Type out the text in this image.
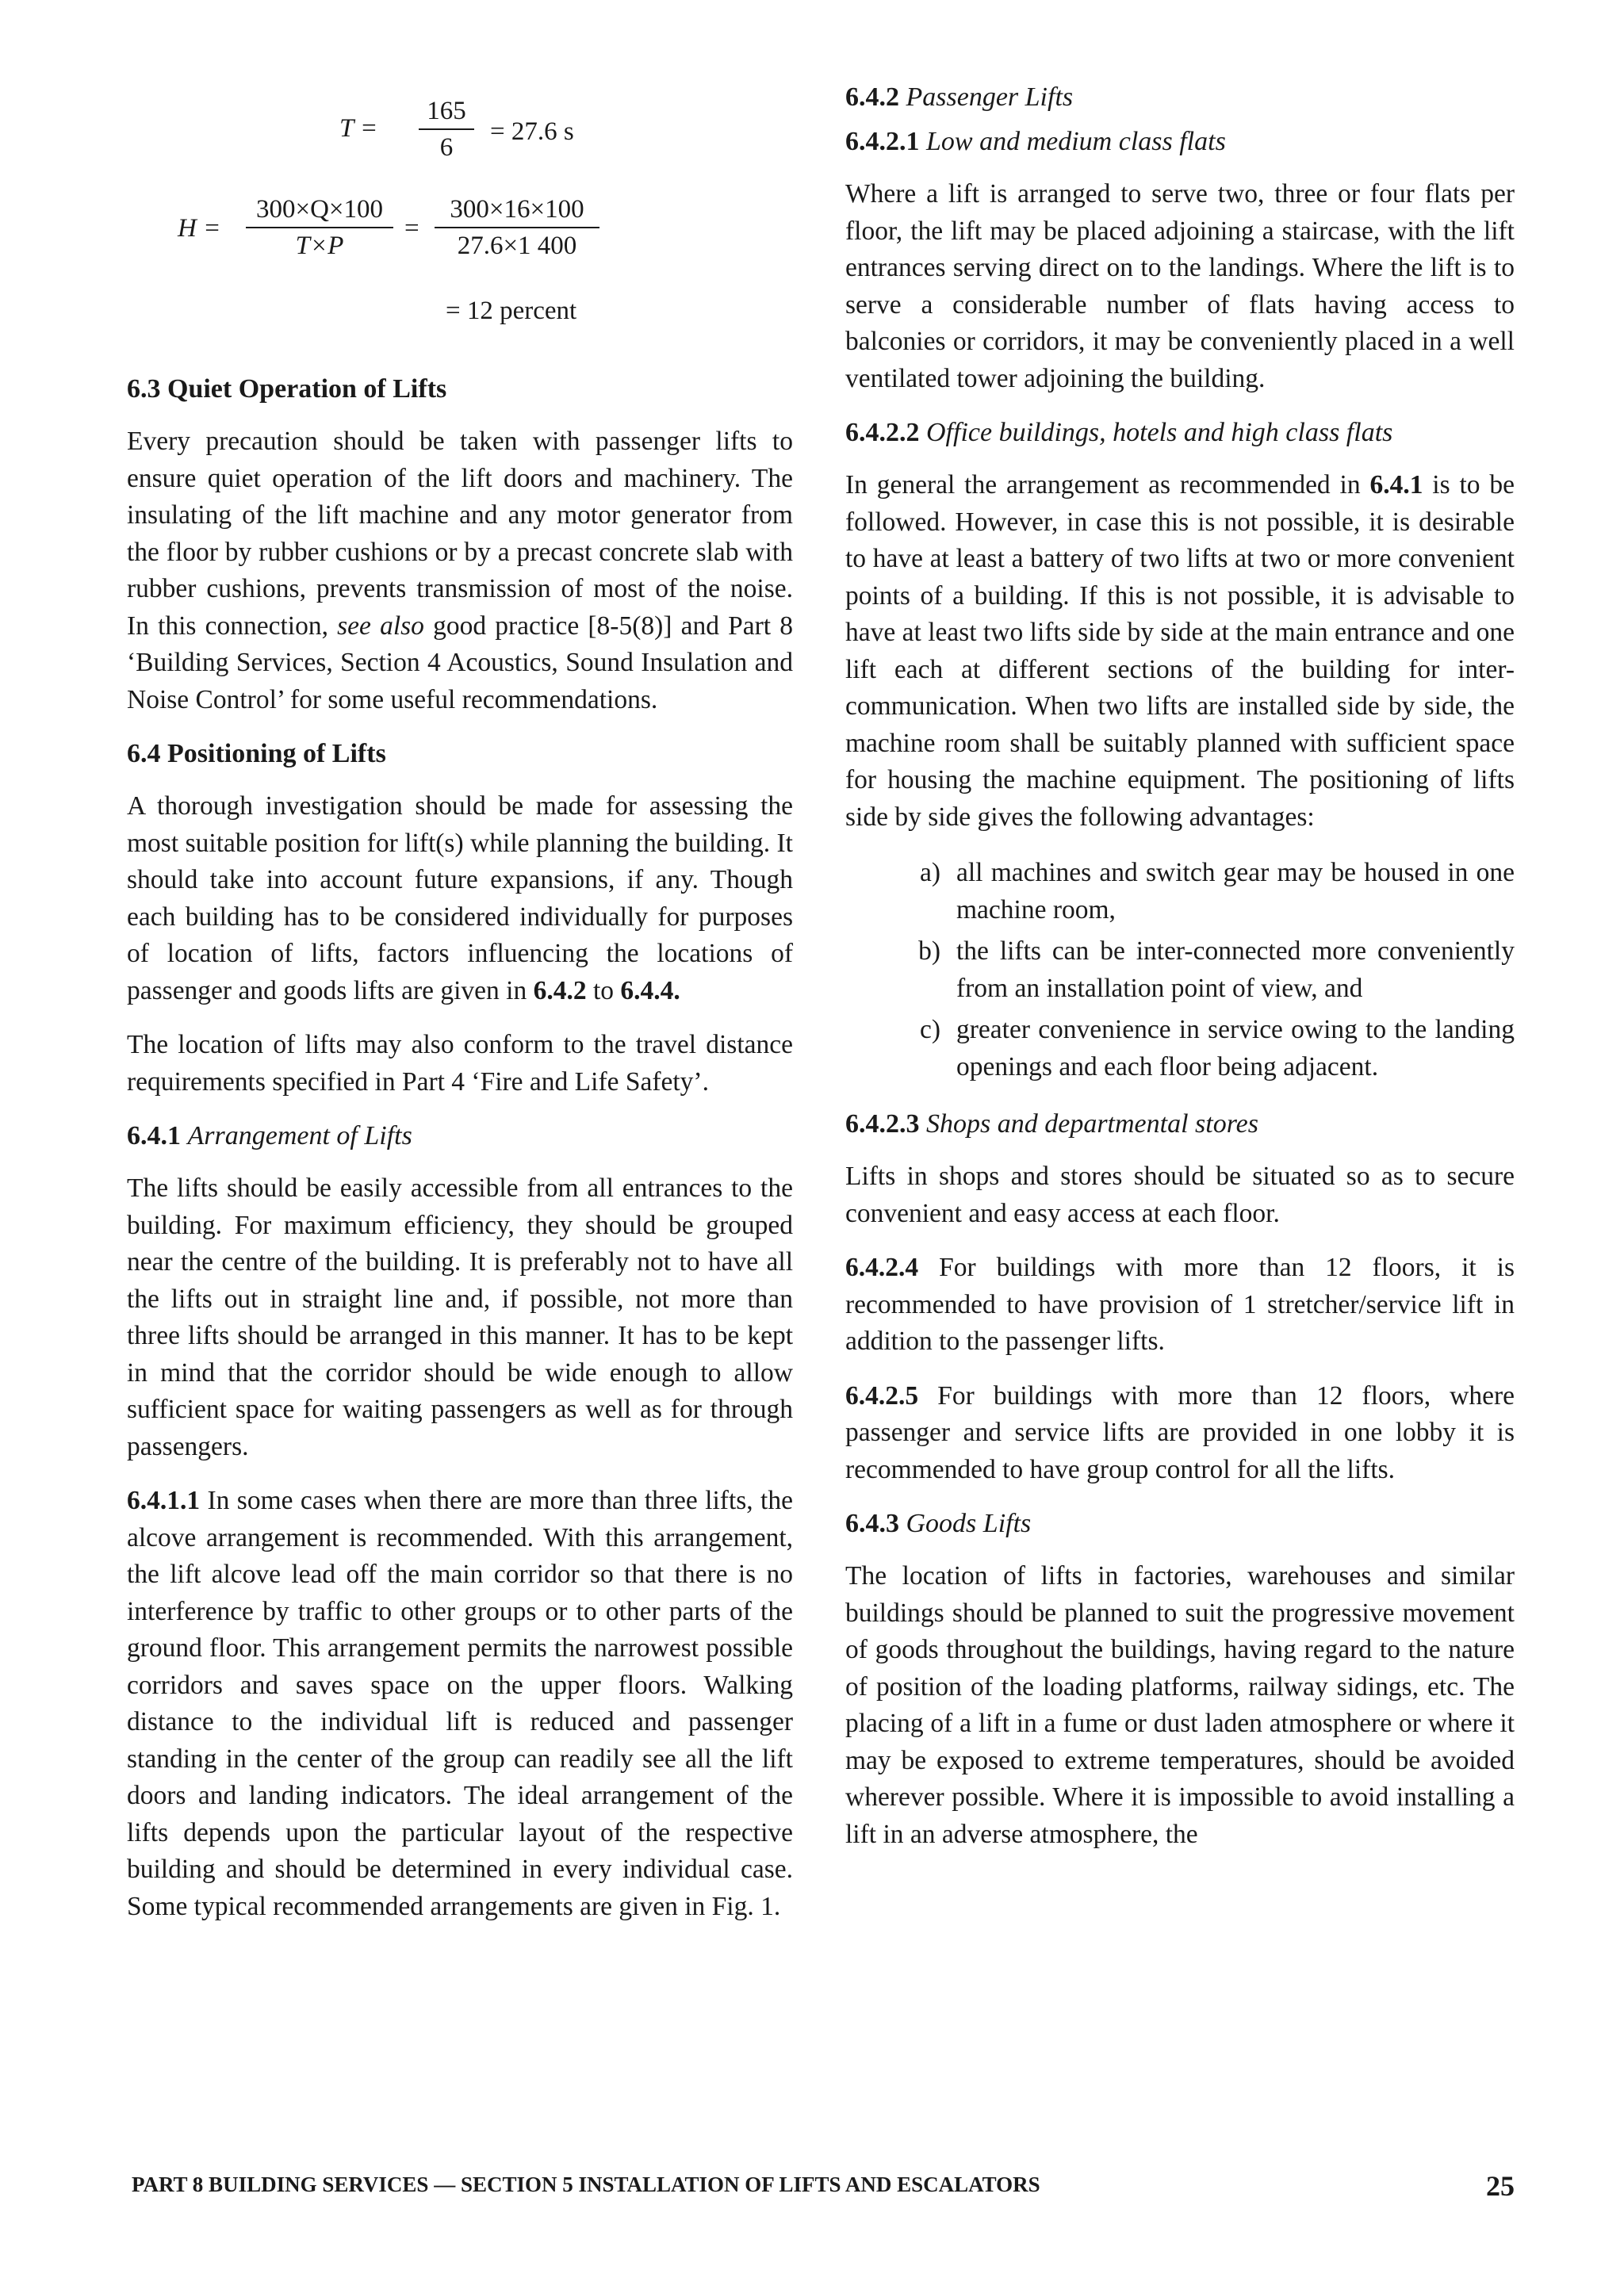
T =
165
6
= 27.6 s
H =
300×Q×100
T×P
=
300×16×100
27.6×1 400
= 12 percent
6.3 Quiet Operation of Lifts

Every precaution should be taken with passenger lifts to ensure quiet operation of the lift doors and machinery. The insulating of the lift machine and any motor generator from the floor by rubber cushions or by a precast concrete slab with rubber cushions, prevents transmission of most of the noise. In this connection, see also good practice [8-5(8)] and Part 8 ‘Building Services, Section 4 Acoustics, Sound Insulation and Noise Control’ for some useful recommendations.

6.4 Positioning of Lifts

A thorough investigation should be made for assessing the most suitable position for lift(s) while planning the building. It should take into account future expansions, if any. Though each building has to be considered individually for purposes of location of lifts, factors influencing the locations of passenger and goods lifts are given in 6.4.2 to 6.4.4.

The location of lifts may also conform to the travel distance requirements specified in Part 4 ‘Fire and Life Safety’.

6.4.1 Arrangement of Lifts

The lifts should be easily accessible from all entrances to the building. For maximum efficiency, they should be grouped near the centre of the building. It is preferably not to have all the lifts out in straight line and, if possible, not more than three lifts should be arranged in this manner. It has to be kept in mind that the corridor should be wide enough to allow sufficient space for waiting passengers as well as for through passengers.

6.4.1.1 In some cases when there are more than three lifts, the alcove arrangement is recommended. With this arrangement, the lift alcove lead off the main corridor so that there is no interference by traffic to other groups or to other parts of the ground floor. This arrangement permits the narrowest possible corridors and saves space on the upper floors. Walking distance to the individual lift is reduced and passenger standing in the center of the group can readily see all the lift doors and landing indicators. The ideal arrangement of the lifts depends upon the particular layout of the respective building and should be determined in every individual case. Some typical recommended arrangements are given in Fig. 1.

6.4.2 Passenger Lifts
6.4.2.1 Low and medium class flats

Where a lift is arranged to serve two, three or four flats per floor, the lift may be placed adjoining a staircase, with the lift entrances serving direct on to the landings. Where the lift is to serve a considerable number of flats having access to balconies or corridors, it may be conveniently placed in a well ventilated tower adjoining the building.

6.4.2.2 Office buildings, hotels and high class flats

In general the arrangement as recommended in 6.4.1 is to be followed. However, in case this is not possible, it is desirable to have at least a battery of two lifts at two or more convenient points of a building. If this is not possible, it is advisable to have at least two lifts side by side at the main entrance and one lift each at different sections of the building for inter-communication. When two lifts are installed side by side, the machine room shall be suitably planned with sufficient space for housing the machine equipment. The positioning of lifts side by side gives the following advantages:

a) all machines and switch gear may be housed in one machine room,
b) the lifts can be inter-connected more conveniently from an installation point of view, and
c) greater convenience in service owing to the landing openings and each floor being adjacent.
6.4.2.3 Shops and departmental stores

Lifts in shops and stores should be situated so as to secure convenient and easy access at each floor.

6.4.2.4 For buildings with more than 12 floors, it is recommended to have provision of 1 stretcher/service lift in addition to the passenger lifts.

6.4.2.5 For buildings with more than 12 floors, where passenger and service lifts are provided in one lobby it is recommended to have group control for all the lifts.

6.4.3 Goods Lifts

The location of lifts in factories, warehouses and similar buildings should be planned to suit the progressive movement of goods throughout the buildings, having regard to the nature of position of the loading platforms, railway sidings, etc. The placing of a lift in a fume or dust laden atmosphere or where it may be exposed to extreme temperatures, should be avoided wherever possible. Where it is impossible to avoid installing a lift in an adverse atmosphere, the

PART 8 BUILDING SERVICES — SECTION 5 INSTALLATION OF LIFTS AND ESCALATORS	25
